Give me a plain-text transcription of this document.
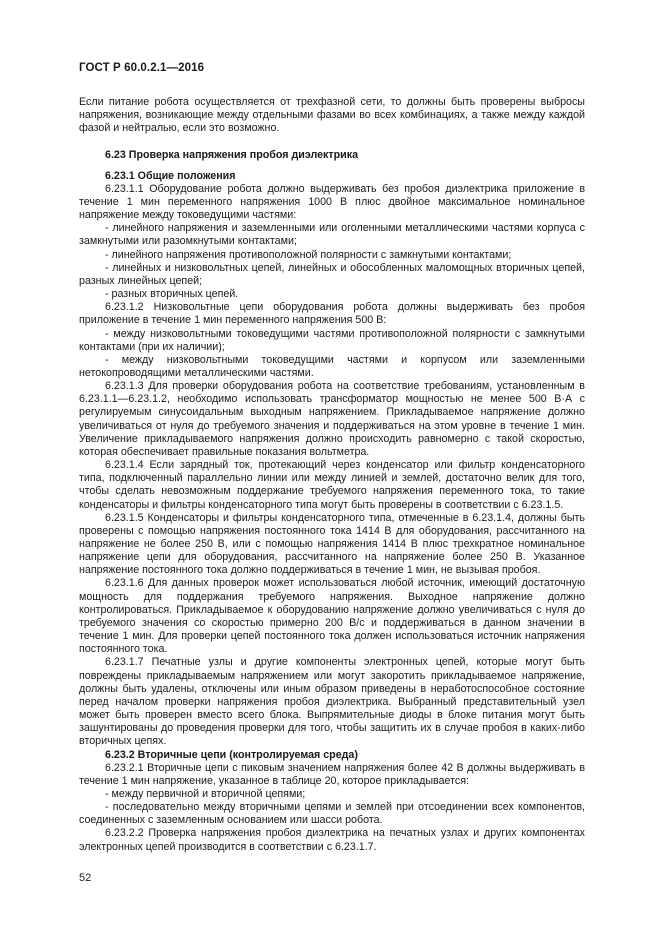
ГОСТ Р 60.0.2.1—2016

Если питание робота осуществляется от трехфазной сети, то должны быть проверены выбросы напряжения, возникающие между отдельными фазами во всех комбинациях, а также между каждой фазой и нейтралью, если это возможно.

6.23 Проверка напряжения пробоя диэлектрика
6.23.1 Общие положения

6.23.1.1 Оборудование робота должно выдерживать без пробоя диэлектрика приложение в течение 1 мин переменного напряжения 1000 В плюс двойное максимальное номинальное напряжение между токоведущими частями:

- линейного напряжения и заземленными или оголенными металлическими частями корпуса с замкнутыми или разомкнутыми контактами;

- линейного напряжения противоположной полярности с замкнутыми контактами;

- линейных и низковольтных цепей, линейных и обособленных маломощных вторичных цепей, разных линейных цепей;

- разных вторичных цепей.

6.23.1.2 Низковольтные цепи оборудования робота должны выдерживать без пробоя приложение в течение 1 мин переменного напряжения 500 В:

- между низковольтными токоведущими частями противоположной полярности с замкнутыми контактами (при их наличии);

- между низковольтными токоведущими частями и корпусом или заземленными нетокопроводящими металлическими частями.

6.23.1.3 Для проверки оборудования робота на соответствие требованиям, установленным в 6.23.1.1—6.23.1.2, необходимо использовать трансформатор мощностью не менее 500 В·А с регулируемым синусоидальным выходным напряжением. Прикладываемое напряжение должно увеличиваться от нуля до требуемого значения и поддерживаться на этом уровне в течение 1 мин. Увеличение прикладываемого напряжения должно происходить равномерно с такой скоростью, которая обеспечивает правильные показания вольтметра.

6.23.1.4 Если зарядный ток, протекающий через конденсатор или фильтр конденсаторного типа, подключенный параллельно линии или между линией и землей, достаточно велик для того, чтобы сделать невозможным поддержание требуемого напряжения переменного тока, то такие конденсаторы и фильтры конденсаторного типа могут быть проверены в соответствии с 6.23.1.5.

6.23.1.5 Конденсаторы и фильтры конденсаторного типа, отмеченные в 6.23.1.4, должны быть проверены с помощью напряжения постоянного тока 1414 В для оборудования, рассчитанного на напряжение не более 250 В, или с помощью напряжения 1414 В плюс трехкратное номинальное напряжение цепи для оборудования, рассчитанного на напряжение более 250 В. Указанное напряжение постоянного тока должно поддерживаться в течение 1 мин, не вызывая пробоя.

6.23.1.6 Для данных проверок может использоваться любой источник, имеющий достаточную мощность для поддержания требуемого напряжения. Выходное напряжение должно контролироваться. Прикладываемое к оборудованию напряжение должно увеличиваться с нуля до требуемого значения со скоростью примерно 200 В/с и поддерживаться в данном значении в течение 1 мин. Для проверки цепей постоянного тока должен использоваться источник напряжения постоянного тока.

6.23.1.7 Печатные узлы и другие компоненты электронных цепей, которые могут быть повреждены прикладываемым напряжением или могут закоротить прикладываемое напряжение, должны быть удалены, отключены или иным образом приведены в неработоспособное состояние перед началом проверки напряжения пробоя диэлектрика. Выбранный представительный узел может быть проверен вместо всего блока. Выпрямительные диоды в блоке питания могут быть зашунтированы до проведения проверки для того, чтобы защитить их в случае пробоя в каких-либо вторичных цепях.

6.23.2 Вторичные цепи (контролируемая среда)

6.23.2.1 Вторичные цепи с пиковым значением напряжения более 42 В должны выдерживать в течение 1 мин напряжение, указанное в таблице 20, которое прикладывается:

- между первичной и вторичной цепями;

- последовательно между вторичными цепями и землей при отсоединении всех компонентов, соединенных с заземленным основанием или шасси робота.

6.23.2.2 Проверка напряжения пробоя диэлектрика на печатных узлах и других компонентах электронных цепей производится в соответствии с 6.23.1.7.

52
